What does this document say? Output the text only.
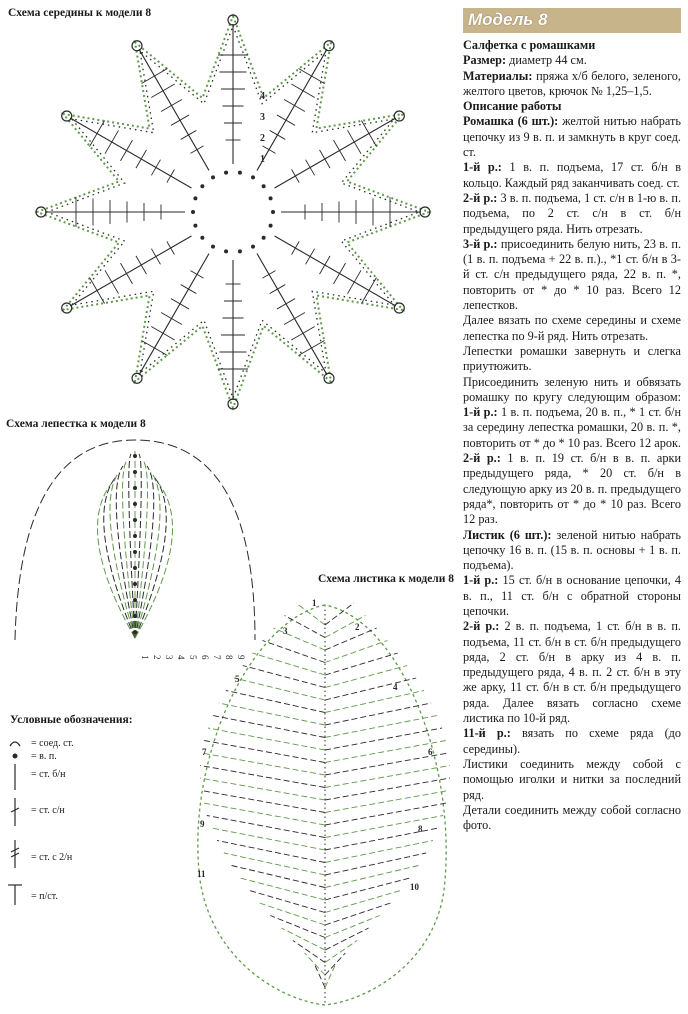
Схема середины к модели 8
Схема лепестка к модели 8
Схема листика к модели 8
Условные обозначения:
4
3
2
1
1 2 3 4 5 6 7 8 9
1
2
3
4
5
6
7
8
9
10
11
= соед. ст.
= в. п.
= ст. б/н
= ст. с/н
= ст. с 2/н
= п/ст.
Модель 8

Салфетка с ромашками

Размер: диаметр 44 см.

Материалы: пряжа х/б белого, зеленого, желтого цветов, крючок № 1,25–1,5.

Описание работы

Ромашка (6 шт.): желтой нитью набрать цепочку из 9 в. п. и замкнуть в круг соед. ст.

1-й р.: 1 в. п. подъема, 17 ст. б/н в кольцо. Каждый ряд заканчивать соед. ст.

2-й р.: 3 в. п. подъема, 1 ст. с/н в 1-ю в. п. подъема, по 2 ст. с/н в ст. б/н предыдущего ряда. Нить отрезать.

3-й р.: присоединить белую нить, 23 в. п. (1 в. п. подъема + 22 в. п.)., *1 ст. б/н в 3-й ст. с/н предыдущего ряда, 22 в. п. *, повторить от * до * 10 раз. Всего 12 лепестков.

Далее вязать по схеме середины и схеме лепестка по 9-й ряд. Нить отрезать.

Лепестки ромашки завернуть и слегка приутюжить.

Присоединить зеленую нить и обвязать ромашку по кругу следующим образом: 1-й р.: 1 в. п. подъема, 20 в. п., * 1 ст. б/н за середину лепестка ромашки, 20 в. п. *, повторить от * до * 10 раз. Всего 12 арок. 2-й р.: 1 в. п. 19 ст. б/н в в. п. арки предыдущего ряда, * 20 ст. б/н в следующую арку из 20 в. п. предыдущего ряда*, повторить от * до * 10 раз. Всего 12 раз.

Листик (6 шт.): зеленой нитью набрать цепочку 16 в. п. (15 в. п. основы + 1 в. п. подъема).

1-й р.: 15 ст. б/н в основание цепочки, 4 в. п., 11 ст. б/н с обратной стороны цепочки.

2-й р.: 2 в. п. подъема, 1 ст. б/н в в. п. подъема, 11 ст. б/н в ст. б/н предыдущего ряда, 2 ст. б/н в арку из 4 в. п. предыдущего ряда, 4 в. п. 2 ст. б/н в эту же арку, 11 ст. б/н в ст. б/н предыдущего ряда. Далее вязать согласно схеме листика по 10-й ряд.

11-й р.: вязать по схеме ряда (до середины).

Листики соединить между собой с помощью иголки и нитки за последний ряд.

Детали соединить между собой согласно фото.
